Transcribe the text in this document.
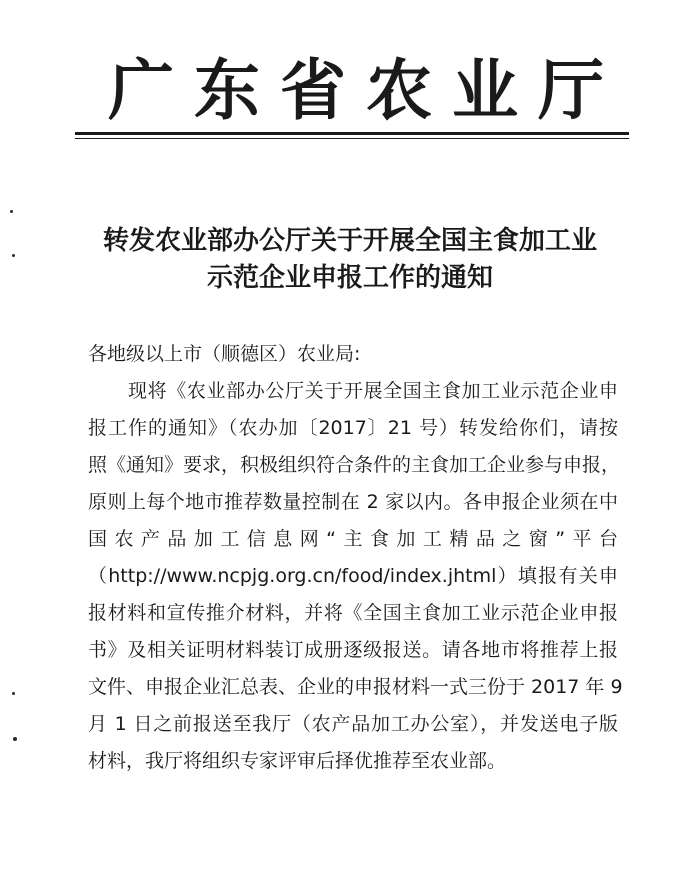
广东省农业厅
转发农业部办公厅关于开展全国主食加工业
示范企业申报工作的通知
各地级以上市（顺德区）农业局:
现将《农业部办公厅关于开展全国主食加工业示范企业申
报工作的通知》（农办加〔2017〕21 号）转发给你们，请按
照《通知》要求，积极组织符合条件的主食加工企业参与申报，
原则上每个地市推荐数量控制在 2 家以内。各申报企业须在中
国农产品加工信息网“主食加工精品之窗”平台
（http://www.ncpjg.org.cn/food/index.jhtml）填报有关申
报材料和宣传推介材料，并将《全国主食加工业示范企业申报
书》及相关证明材料装订成册逐级报送。请各地市将推荐上报
文件、申报企业汇总表、企业的申报材料一式三份于 2017 年 9
月 1 日之前报送至我厅（农产品加工办公室），并发送电子版
材料，我厅将组织专家评审后择优推荐至农业部。
